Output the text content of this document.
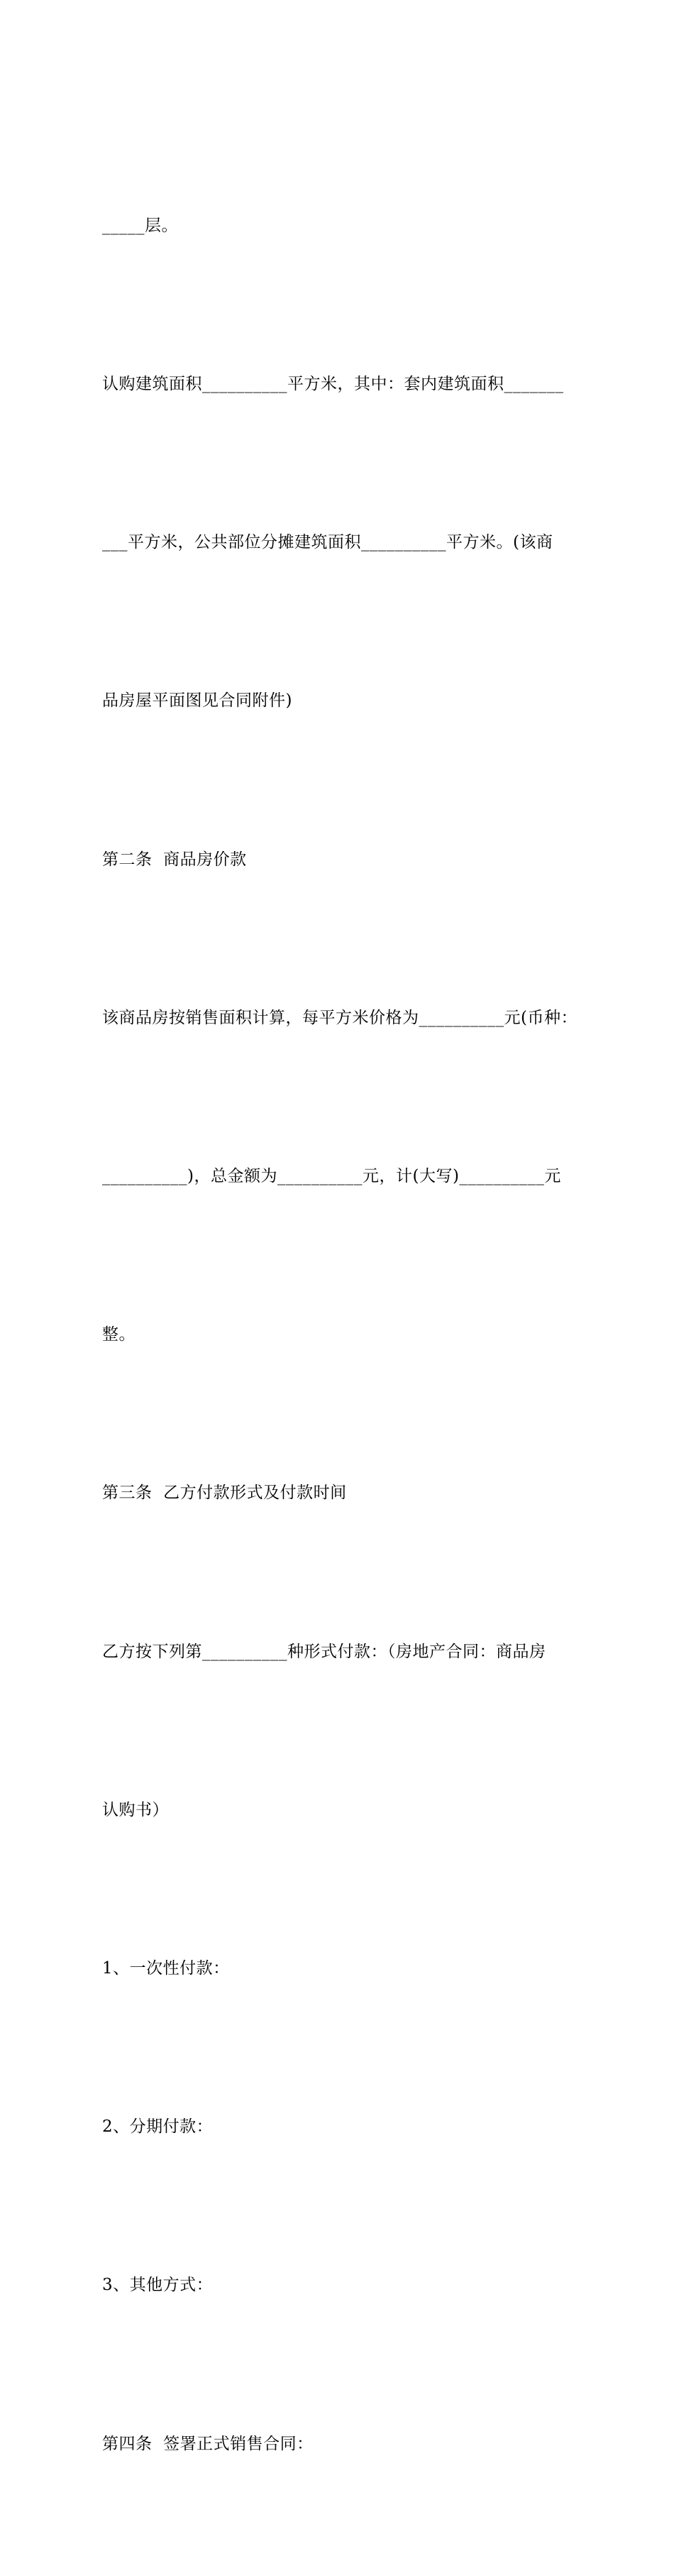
_____层。

认购建筑面积__________平方米，其中：套内建筑面积_______

___平方米，公共部位分摊建筑面积__________平方米。(该商

品房屋平面图见合同附件)

第二条  商品房价款

该商品房按销售面积计算，每平方米价格为__________元(币种：

__________)，总金额为__________元，计(大写)__________元

整。

第三条  乙方付款形式及付款时间

乙方按下列第__________种形式付款：（房地产合同：商品房

认购书）

1、一次性付款：

2、分期付款：

3、其他方式：

第四条  签署正式销售合同：
